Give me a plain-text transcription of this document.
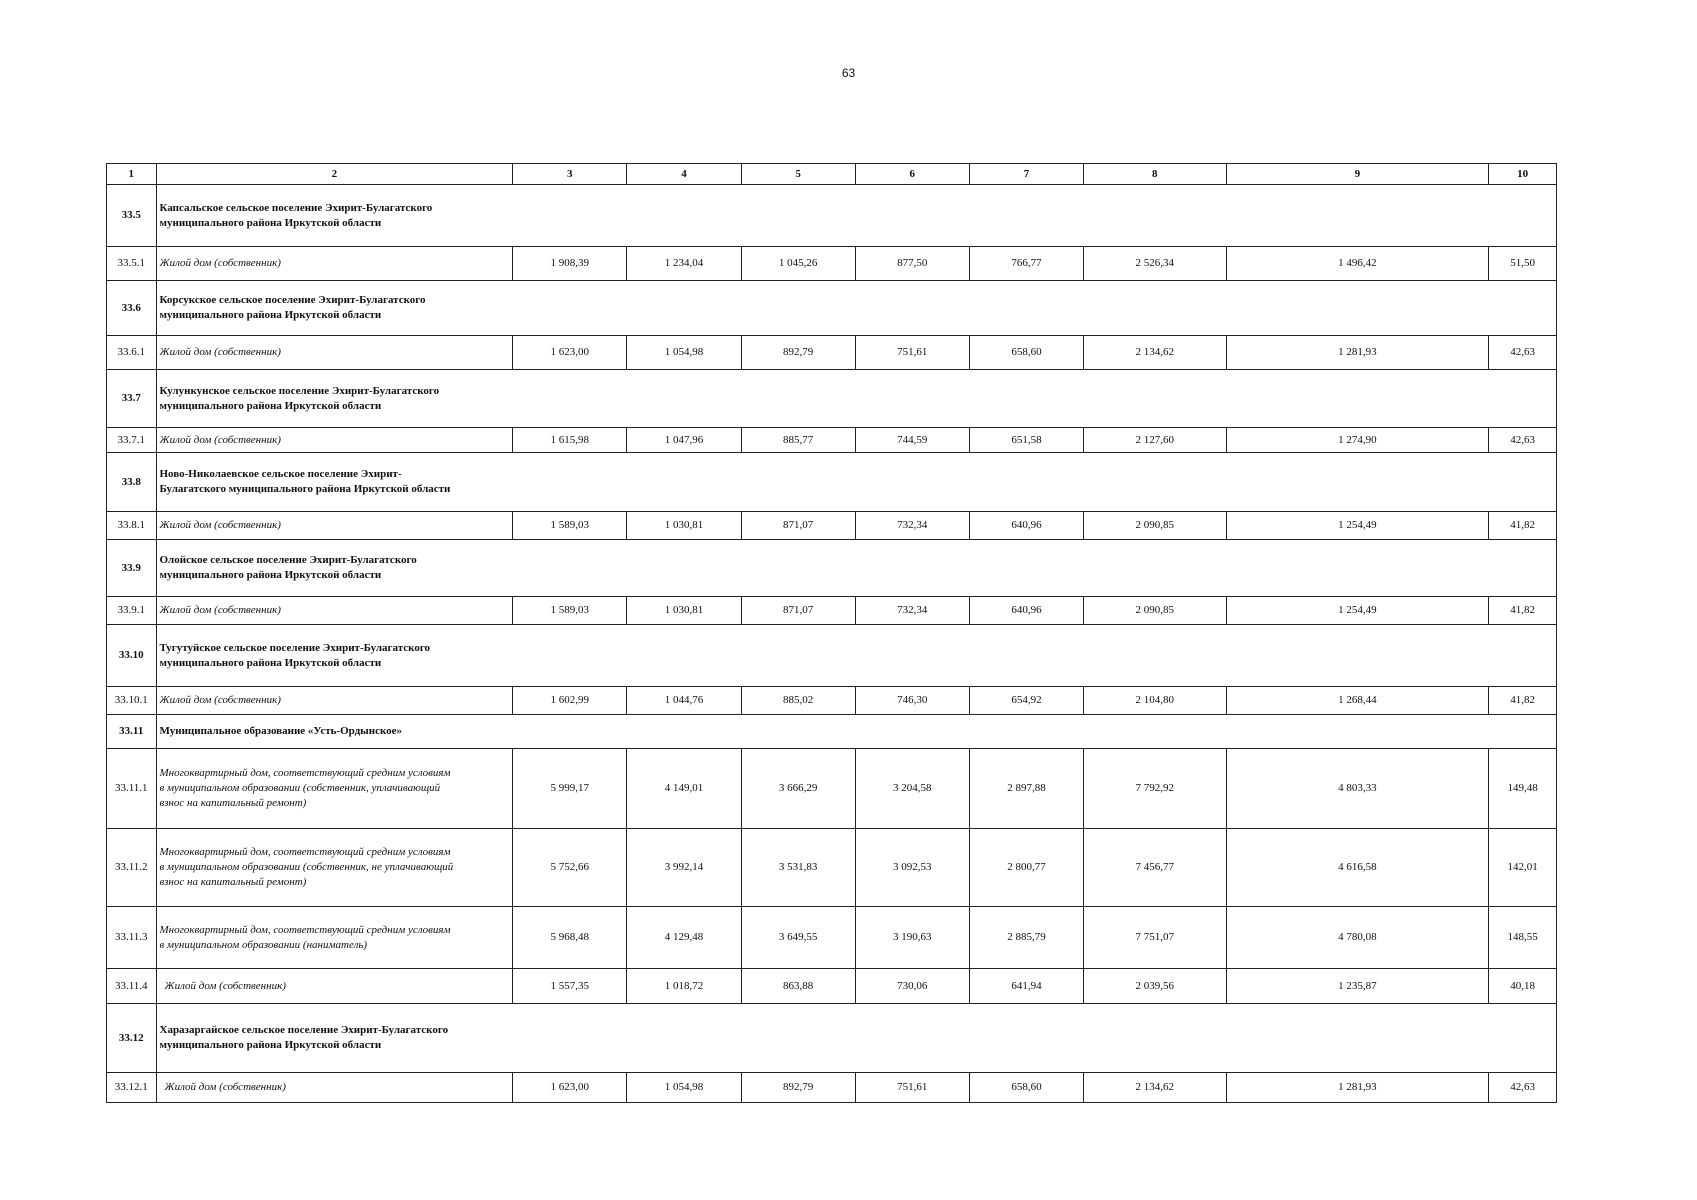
63
1	2	3	4	5	6	7	8	9	10
33.5	Капсальское сельское поселение Эхирит-Булагатского
муниципального района Иркутской области								
33.5.1	Жилой дом (собственник)	1 908,39	1 234,04	1 045,26	877,50	766,77	2 526,34	1 496,42	51,50
33.6	Корсукское сельское поселение Эхирит-Булагатского
муниципального района Иркутской области								
33.6.1	Жилой дом (собственник)	1 623,00	1 054,98	892,79	751,61	658,60	2 134,62	1 281,93	42,63
33.7	Кулункунское сельское поселение Эхирит-Булагатского
муниципального района Иркутской области								
33.7.1	Жилой дом (собственник)	1 615,98	1 047,96	885,77	744,59	651,58	2 127,60	1 274,90	42,63
33.8	Ново-Николаевское сельское поселение Эхирит-
Булагатского муниципального района Иркутской области								
33.8.1	Жилой дом (собственник)	1 589,03	1 030,81	871,07	732,34	640,96	2 090,85	1 254,49	41,82
33.9	Олойское сельское поселение Эхирит-Булагатского
муниципального района Иркутской области								
33.9.1	Жилой дом (собственник)	1 589,03	1 030,81	871,07	732,34	640,96	2 090,85	1 254,49	41,82
33.10	Тугутуйское сельское поселение Эхирит-Булагатского
муниципального района Иркутской области								
33.10.1	Жилой дом (собственник)	1 602,99	1 044,76	885,02	746,30	654,92	2 104,80	1 268,44	41,82
33.11	Муниципальное образование «Усть-Ордынское»								
33.11.1	Многоквартирный дом, соответствующий средним условиям
в муниципальном образовании (собственник, уплачивающий
взнос на капитальный ремонт)	5 999,17	4 149,01	3 666,29	3 204,58	2 897,88	7 792,92	4 803,33	149,48
33.11.2	Многоквартирный дом, соответствующий средним условиям
в муниципальном образовании (собственник, не уплачивающий
взнос на капитальный ремонт)	5 752,66	3 992,14	3 531,83	3 092,53	2 800,77	7 456,77	4 616,58	142,01
33.11.3	Многоквартирный дом, соответствующий средним условиям
в муниципальном образовании (наниматель)	5 968,48	4 129,48	3 649,55	3 190,63	2 885,79	7 751,07	4 780,08	148,55
33.11.4	Жилой дом (собственник)	1 557,35	1 018,72	863,88	730,06	641,94	2 039,56	1 235,87	40,18
33.12	Харазаргайское сельское поселение Эхирит-Булагатского
муниципального района Иркутской области								
33.12.1	Жилой дом (собственник)	1 623,00	1 054,98	892,79	751,61	658,60	2 134,62	1 281,93	42,63
